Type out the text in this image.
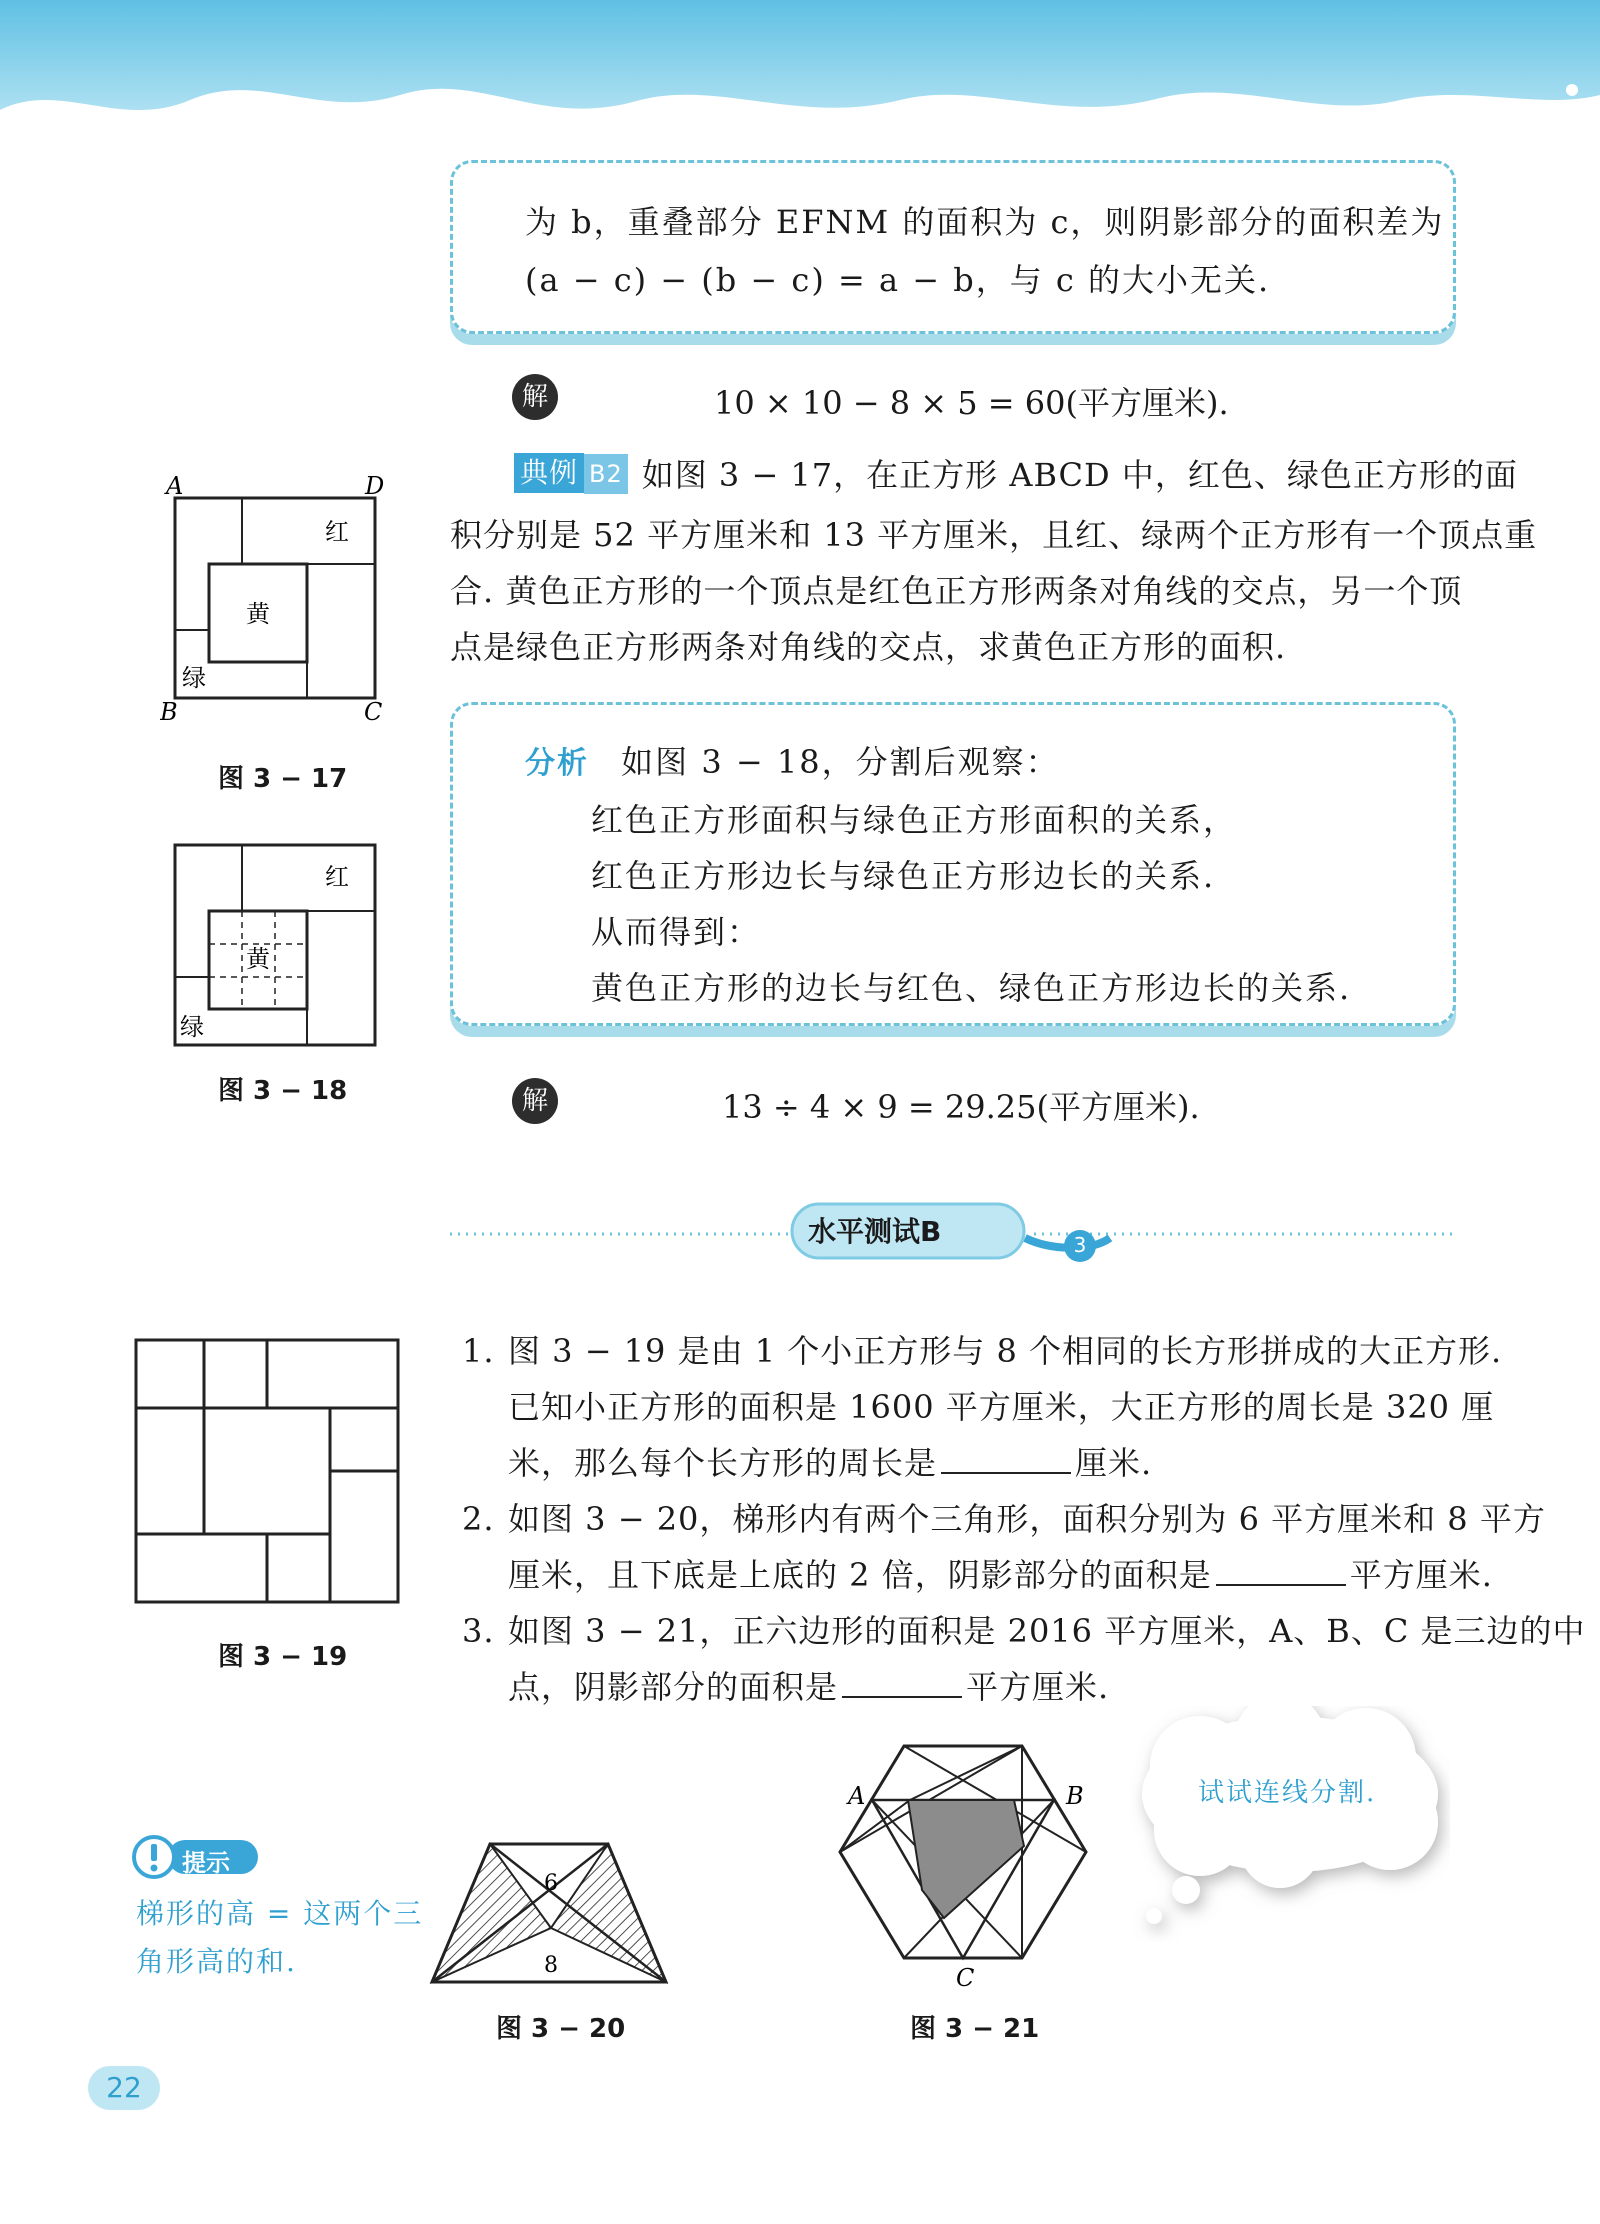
为 b，重叠部分 EFNM 的面积为 c，则阴影部分的面积差为
(a − c) − (b − c) = a − b，与 c 的大小无关.
解	10 × 10 − 8 × 5 = 60(平方厘米).
典例 B2 如图 3 − 17，在正方形 ABCD 中，红色、绿色正方形的面
积分别是 52 平方厘米和 13 平方厘米，且红、绿两个正方形有一个顶点重
合. 黄色正方形的一个顶点是红色正方形两条对角线的交点，另一个顶
点是绿色正方形两条对角线的交点，求黄色正方形的面积.
A	D
B	C
红
黄
绿
图 3 − 17	分析 如图 3 − 18，分割后观察：
红色正方形面积与绿色正方形面积的关系，
红色正方形边长与绿色正方形边长的关系.
从而得到：
黄色正方形的边长与红色、绿色正方形边长的关系.
红
黄
绿
图 3 − 18	解	13 ÷ 4 × 9 = 29.25(平方厘米).
水平测试B	3
图 3 − 19
1. 图 3 − 19 是由 1 个小正方形与 8 个相同的长方形拼成的大正方形.
已知小正方形的面积是 1600 平方厘米，大正方形的周长是 320 厘
米，那么每个长方形的周长是	厘米.
2. 如图 3 − 20，梯形内有两个三角形，面积分别为 6 平方厘米和 8 平方
厘米，且下底是上底的 2 倍，阴影部分的面积是	平方厘米.
3. 如图 3 − 21，正六边形的面积是 2016 平方厘米，A、B、C 是三边的中
点，阴影部分的面积是	平方厘米.
提示
梯形的高 = 这两个三
角形高的和.
6
8
图 3 − 20
A	B
C
图 3 − 21
试试连线分割.
22
